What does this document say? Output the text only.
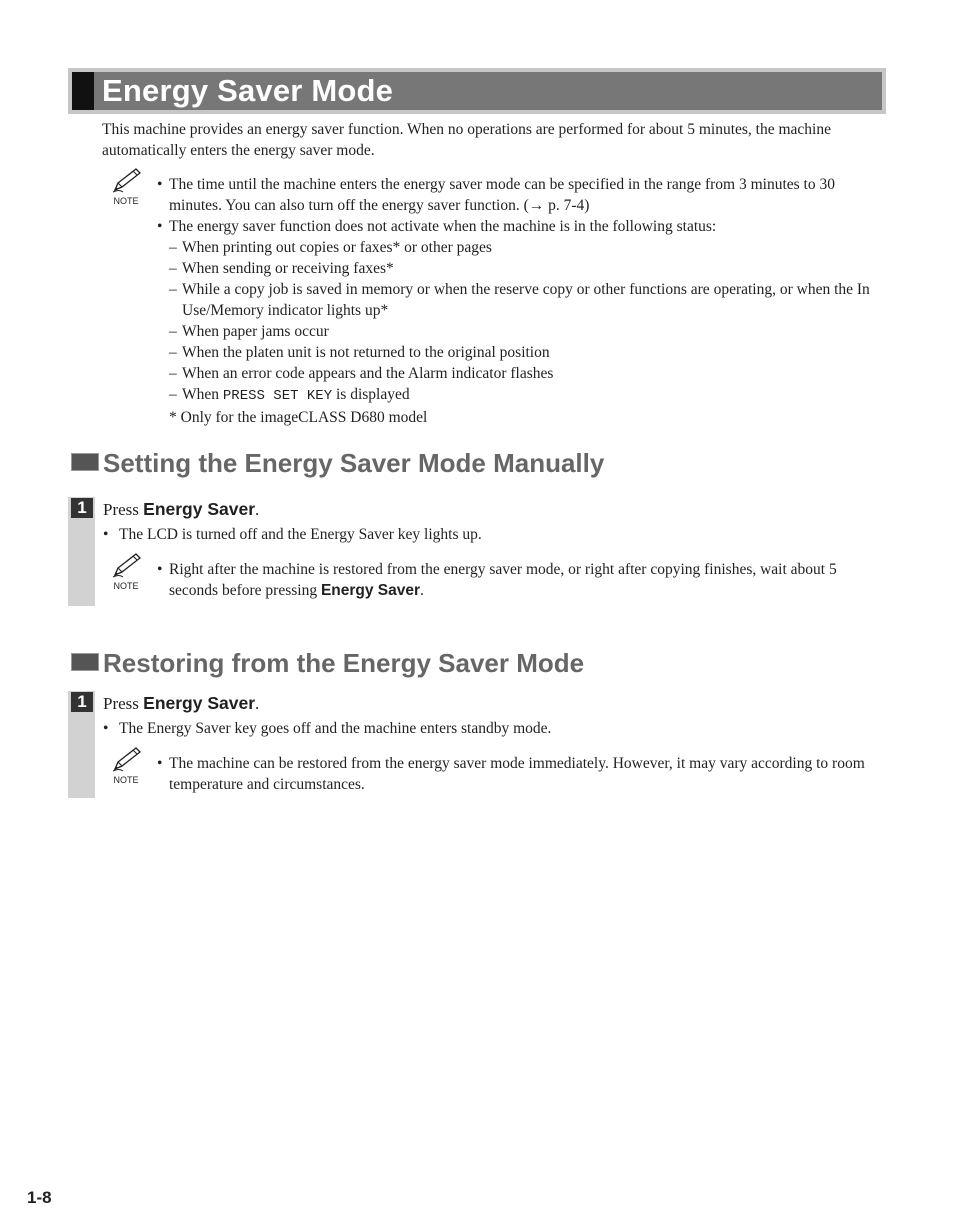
Energy Saver Mode
This machine provides an energy saver function. When no operations are performed for about 5 minutes, the machine automatically enters the energy saver mode.
NOTE
• The time until the machine enters the energy saver mode can be specified in the range from 3 minutes to 30 minutes. You can also turn off the energy saver function. (→ p. 7-4)
• The energy saver function does not activate when the machine is in the following status:
– When printing out copies or faxes* or other pages
– When sending or receiving faxes*
– While a copy job is saved in memory or when the reserve copy or other functions are operating, or when the In Use/Memory indicator lights up*
– When paper jams occur
– When the platen unit is not returned to the original position
– When an error code appears and the Alarm indicator flashes
– When PRESS SET KEY is displayed
* Only for the imageCLASS D680 model
Setting the Energy Saver Mode Manually
1 Press Energy Saver.
• The LCD is turned off and the Energy Saver key lights up.
NOTE
• Right after the machine is restored from the energy saver mode, or right after copying finishes, wait about 5 seconds before pressing Energy Saver.
Restoring from the Energy Saver Mode
1 Press Energy Saver.
• The Energy Saver key goes off and the machine enters standby mode.
NOTE
• The machine can be restored from the energy saver mode immediately. However, it may vary according to room temperature and circumstances.
1-8
